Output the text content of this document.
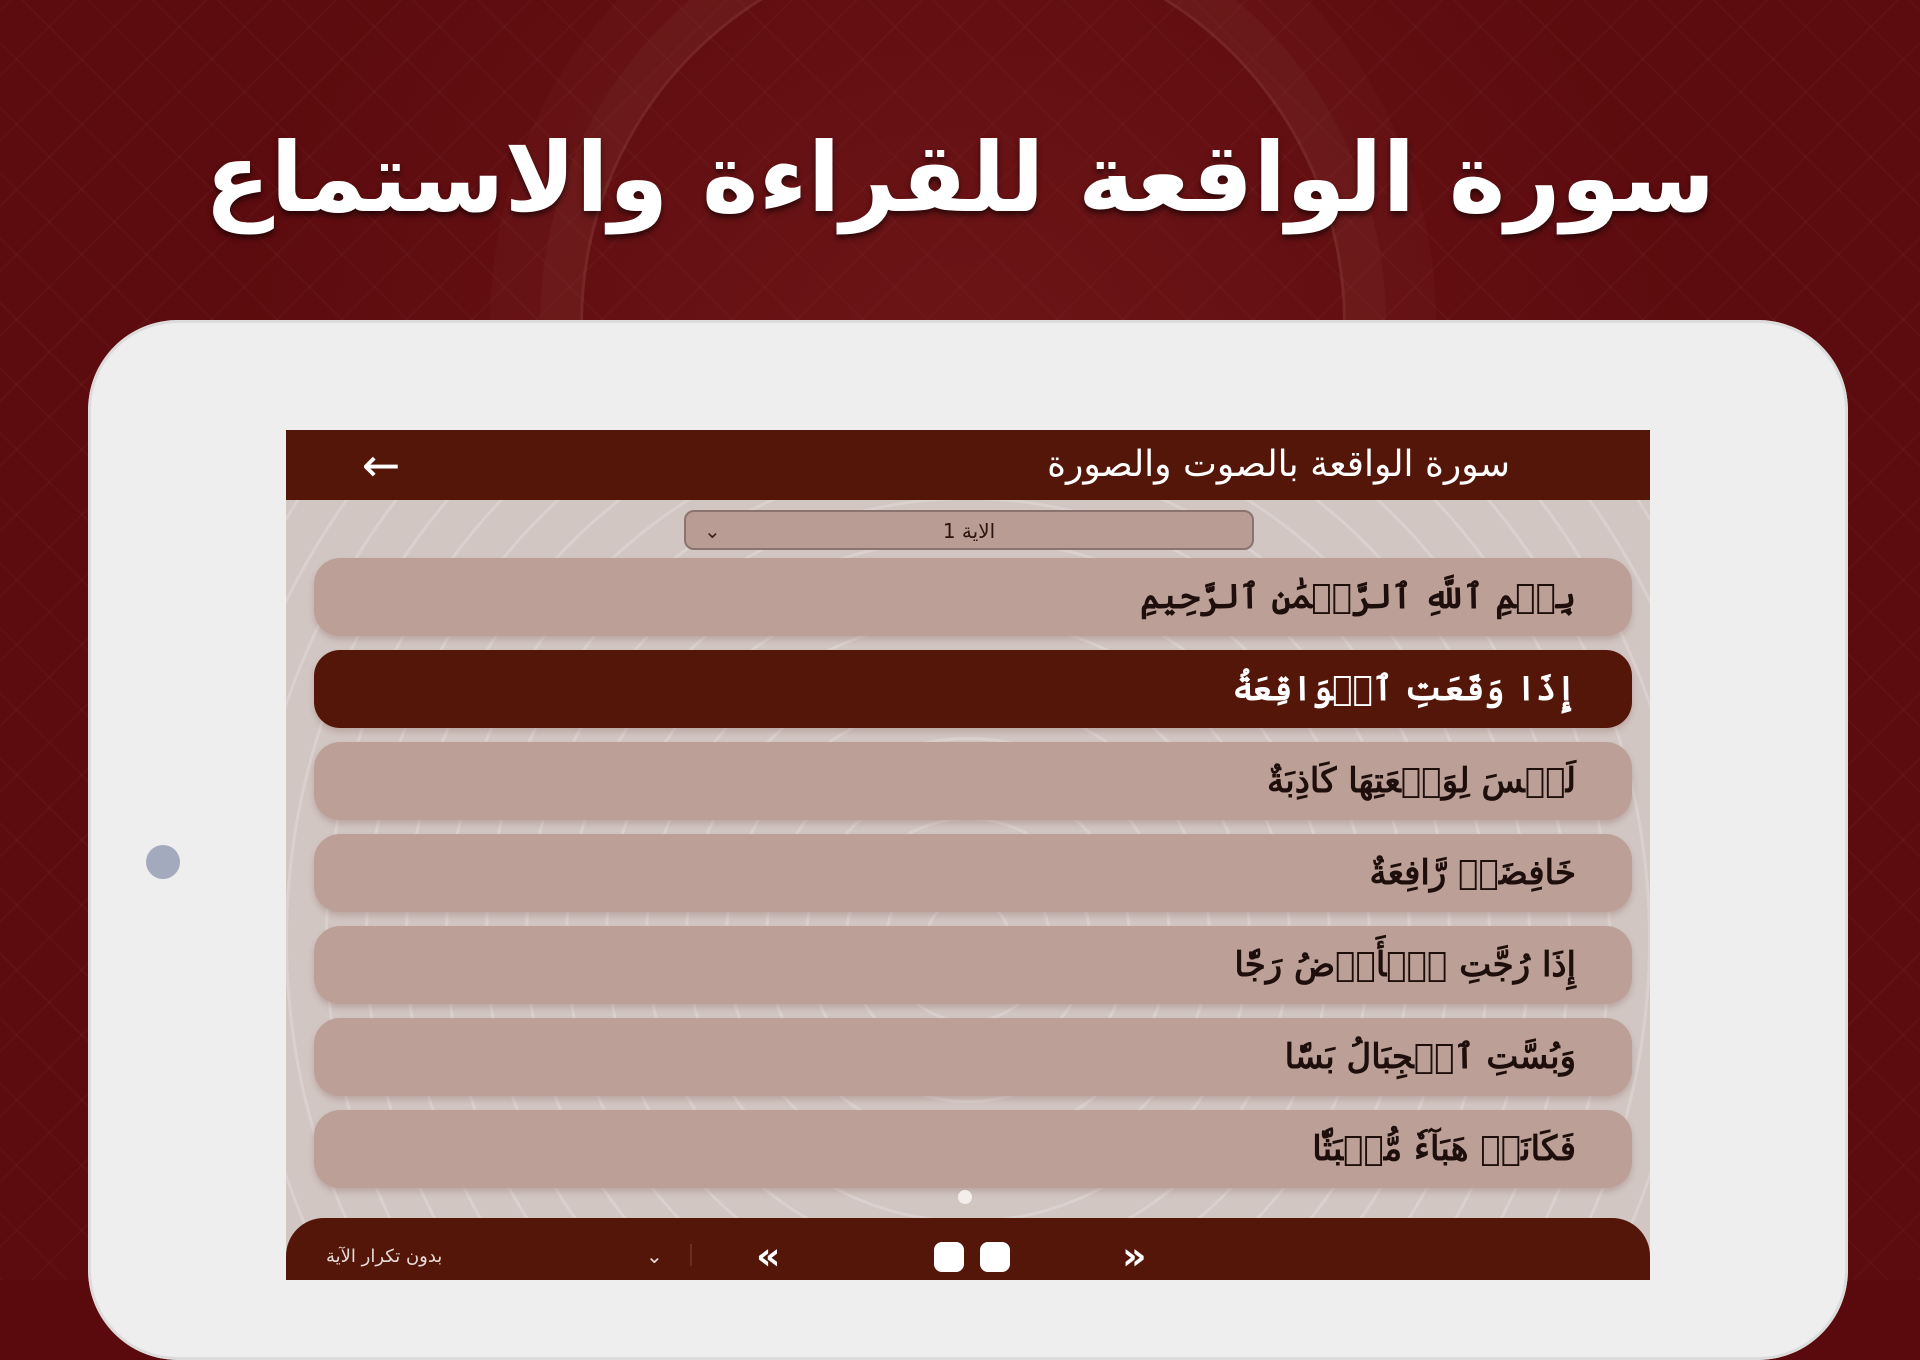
سورة الواقعة للقراءة والاستماع
←	سورة الواقعة بالصوت والصورة
⌄	الاية 1
بِسۡمِ ٱللَّهِ ٱلرَّحۡمَٰنِ ٱلرَّحِيمِ
إِذَا وَقَعَتِ ٱلۡوَاقِعَةُ
لَيۡسَ لِوَقۡعَتِهَا كَاذِبَةٌ
خَافِضَةٞ رَّافِعَةٌ
إِذَا رُجَّتِ ٱلۡأَرۡضُ رَجّٗا
وَبُسَّتِ ٱلۡجِبَالُ بَسّٗا
فَكَانَتۡ هَبَآءٗ مُّنۢبَثّٗا
بدون تكرار الآية	⌄ «	»
